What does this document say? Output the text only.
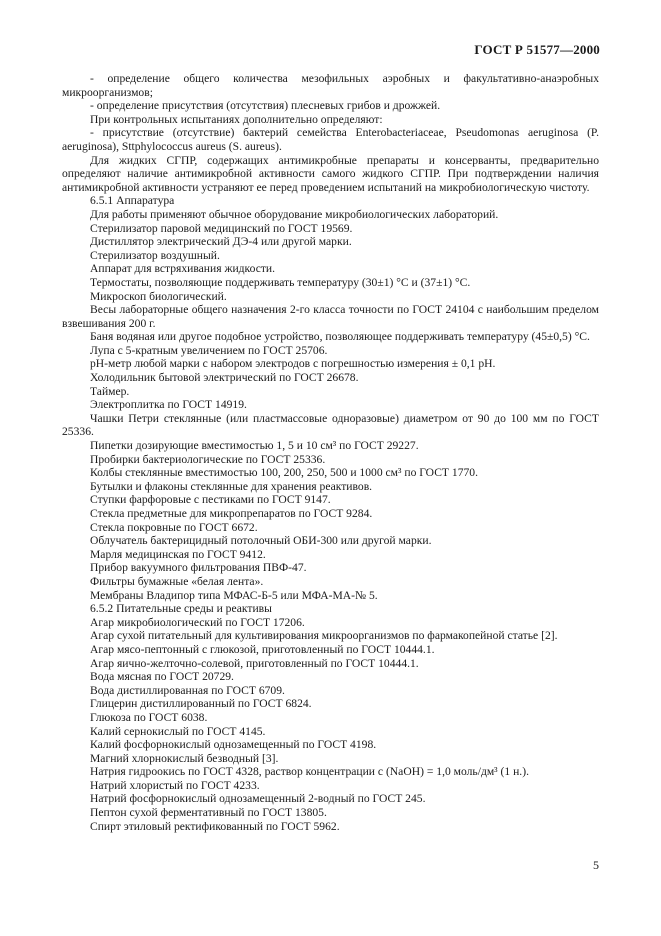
ГОСТ Р 51577—2000

- определение общего количества мезофильных аэробных и факультативно-анаэробных микроорганизмов;

- определение присутствия (отсутствия) плесневых грибов и дрожжей.

При контрольных испытаниях дополнительно определяют:

- присутствие (отсутствие) бактерий семейства Enterobacteriaceae, Pseudomonas aeruginosa (P. aeruginosa), Sttphylococcus aureus (S. aureus).

Для жидких СГПР, содержащих антимикробные препараты и консерванты, предварительно определяют наличие антимикробной активности самого жидкого СГПР. При подтверждении наличия антимикробной активности устраняют ее перед проведением испытаний на микробиологическую чистоту.

6.5.1 Аппаратура

Для работы применяют обычное оборудование микробиологических лабораторий.

Стерилизатор паровой медицинский по ГОСТ 19569.

Дистиллятор электрический ДЭ-4 или другой марки.

Стерилизатор воздушный.

Аппарат для встряхивания жидкости.

Термостаты, позволяющие поддерживать температуру (30±1) °С и (37±1) °С.

Микроскоп биологический.

Весы лабораторные общего назначения 2-го класса точности по ГОСТ 24104 с наибольшим пределом взвешивания 200 г.

Баня водяная или другое подобное устройство, позволяющее поддерживать температуру (45±0,5) °С.

Лупа с 5-кратным увеличением по ГОСТ 25706.

pH-метр любой марки с набором электродов с погрешностью измерения ± 0,1 pH.

Холодильник бытовой электрический по ГОСТ 26678.

Таймер.

Электроплитка по ГОСТ 14919.

Чашки Петри стеклянные (или пластмассовые одноразовые) диаметром от 90 до 100 мм по ГОСТ 25336.

Пипетки дозирующие вместимостью 1, 5 и 10 см³ по ГОСТ 29227.

Пробирки бактериологические по ГОСТ 25336.

Колбы стеклянные вместимостью 100, 200, 250, 500 и 1000 см³ по ГОСТ 1770.

Бутылки и флаконы стеклянные для хранения реактивов.

Ступки фарфоровые с пестиками по ГОСТ 9147.

Стекла предметные для микропрепаратов по ГОСТ 9284.

Стекла покровные по ГОСТ 6672.

Облучатель бактерицидный потолочный ОБИ-300 или другой марки.

Марля медицинская по ГОСТ 9412.

Прибор вакуумного фильтрования ПВФ-47.

Фильтры бумажные «белая лента».

Мембраны Владипор типа МФАС-Б-5 или МФА-МА-№ 5.

6.5.2 Питательные среды и реактивы

Агар микробиологический по ГОСТ 17206.

Агар сухой питательный для культивирования микроорганизмов по фармакопейной статье [2].

Агар мясо-пептонный с глюкозой, приготовленный по ГОСТ 10444.1.

Агар яично-желточно-солевой, приготовленный по ГОСТ 10444.1.

Вода мясная по ГОСТ 20729.

Вода дистиллированная по ГОСТ 6709.

Глицерин дистиллированный по ГОСТ 6824.

Глюкоза по ГОСТ 6038.

Калий сернокислый по ГОСТ 4145.

Калий фосфорнокислый однозамещенный по ГОСТ 4198.

Магний хлорнокислый безводный [3].

Натрия гидроокись по ГОСТ 4328, раствор концентрации c (NaOH) = 1,0 моль/дм³ (1 н.).

Натрий хлористый по ГОСТ 4233.

Натрий фосфорнокислый однозамещенный 2-водный по ГОСТ 245.

Пептон сухой ферментативный по ГОСТ 13805.

Спирт этиловый ректификованный по ГОСТ 5962.

5
